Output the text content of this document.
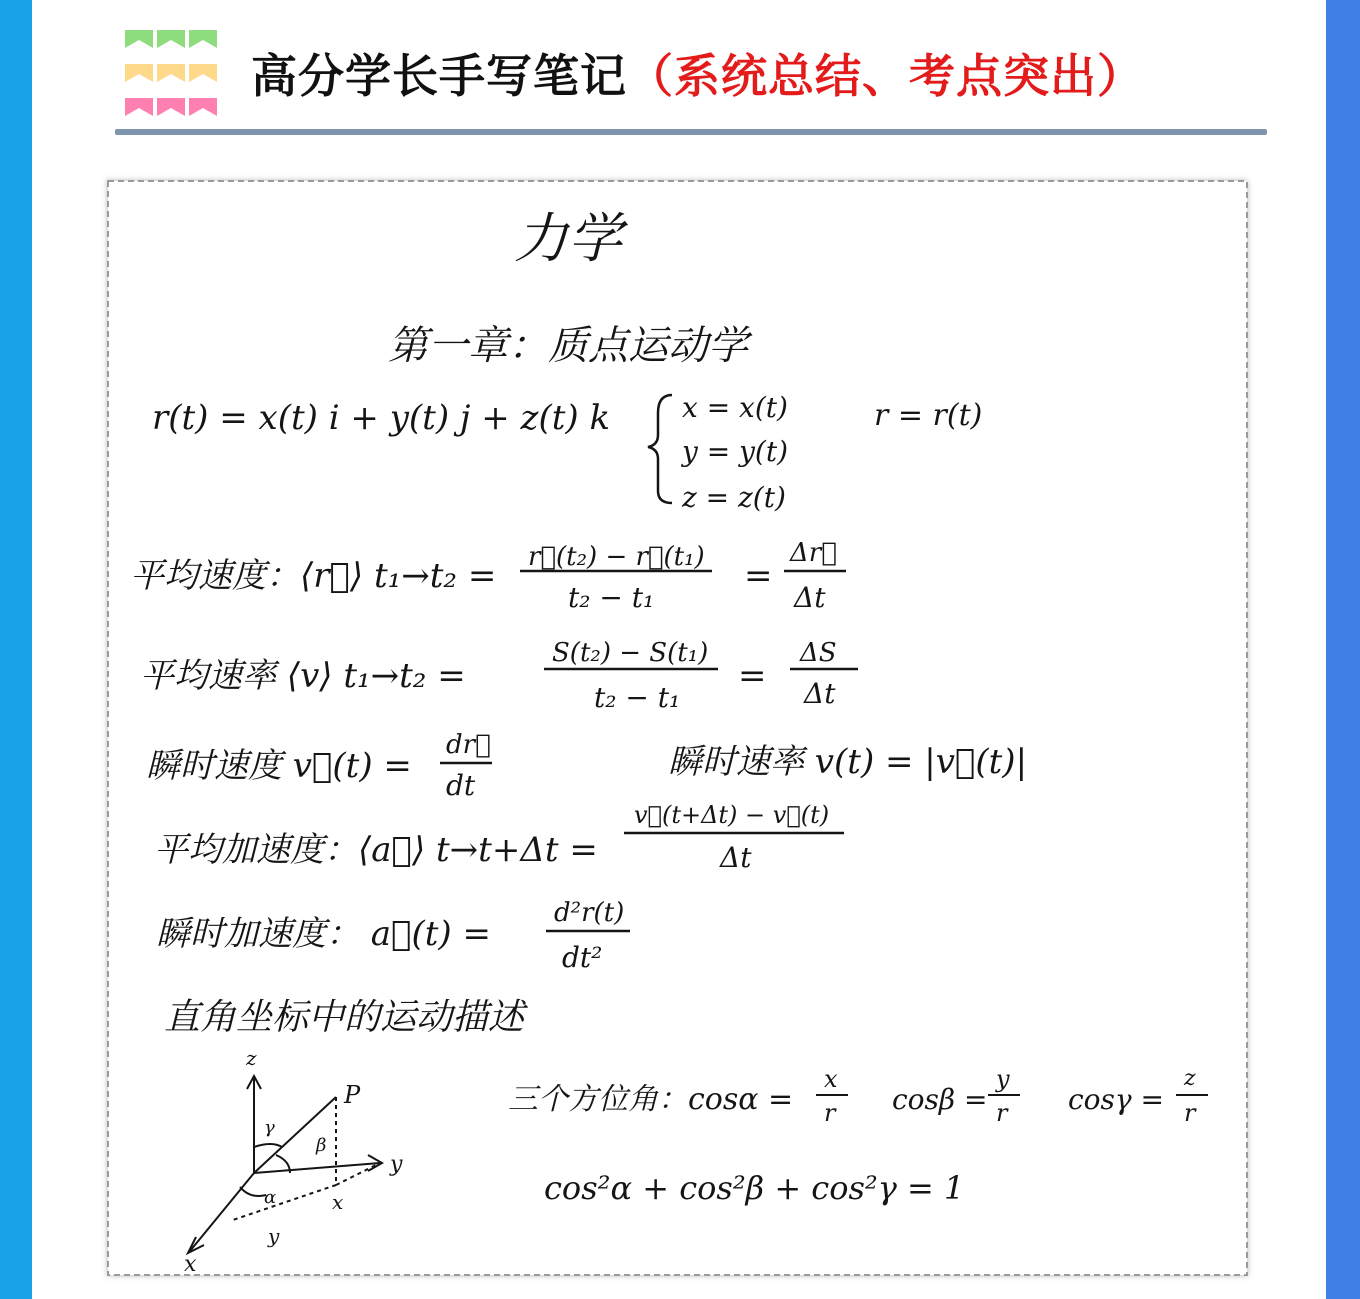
高分学长手写笔记（系统总结、考点突出）
力学
第一章：质点运动学
r(t) = x(t) i + y(t) j + z(t) k	x = x(t)
y = y(t)
z = z(t)
r = r(t)
平均速度：⟨r⃗⟩ t₁→t₂ = r⃗(t₂) − r⃗(t₁)
t₂ − t₁
=
Δr⃗
Δt
平均速率 ⟨v⟩ t₁→t₂ =
S(t₂) − S(t₁)
t₂ − t₁
=
ΔS
Δt
瞬时速度 v⃗(t) =
dr⃗
dt
瞬时速率 v(t) = |v⃗(t)|
平均加速度：⟨a⃗⟩ t→t+Δt =
v⃗(t+Δt) − v⃗(t)
Δt
瞬时加速度： a⃗(t) =
d²r(t)
dt²
直角坐标中的运动描述
z
y
x
P
γ
β
α	x
y
三个方位角：cosα =
x
r cosβ =
y
r cosγ =
z
r
cos²α + cos²β + cos²γ = 1
